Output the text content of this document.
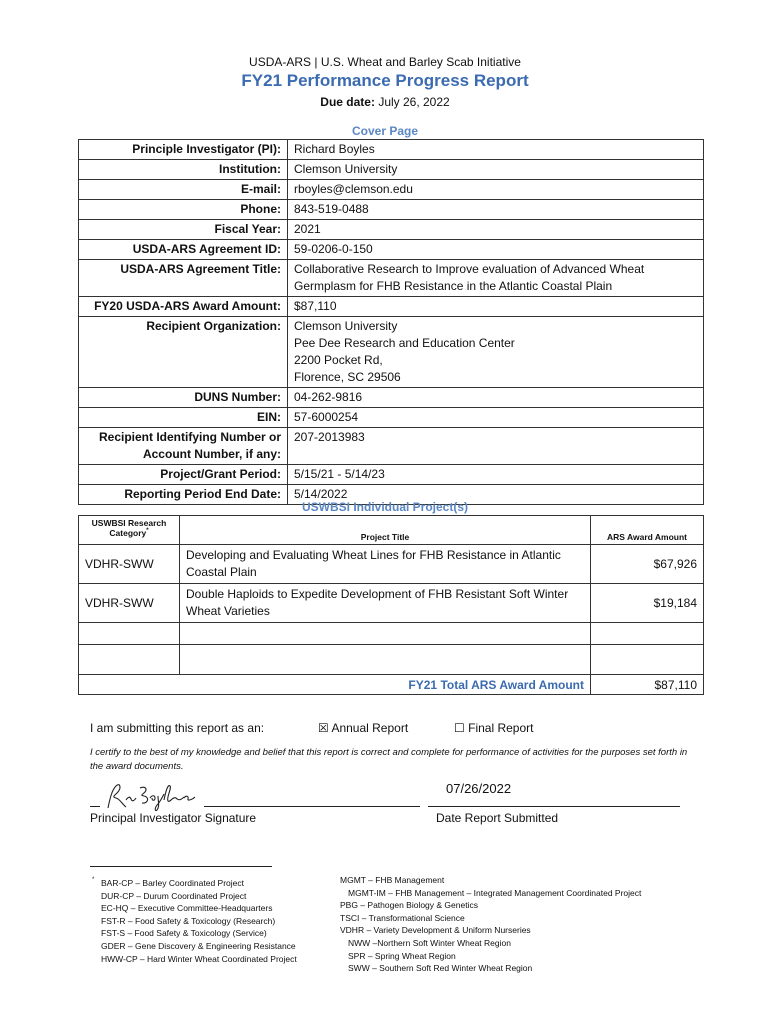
USDA-ARS | U.S. Wheat and Barley Scab Initiative
FY21 Performance Progress Report
Due date: July 26, 2022
Cover Page
Principle Investigator (PI):	Richard Boyles

Institution:	Clemson University

E-mail:	rboyles@clemson.edu

Phone:	843-519-0488

Fiscal Year:	2021

USDA-ARS Agreement ID:	59-0206-0-150

USDA-ARS Agreement Title:	Collaborative Research to Improve evaluation of Advanced Wheat
Germplasm for FHB Resistance in the Atlantic Coastal Plain

FY20 USDA-ARS Award Amount:	$87,110

Recipient Organization:	Clemson University
Pee Dee Research and Education Center
2200 Pocket Rd,
Florence, SC 29506

DUNS Number:	04-262-9816

EIN:	57-6000254

Recipient Identifying Number or Account Number, if any:	207-2013983

Project/Grant Period:	5/15/21 - 5/14/23

Reporting Period End Date:	5/14/2022
USWBSI Individual Project(s)
USWBSI Research Category*	Project Title	ARS Award Amount
VDHR-SWW	Developing and Evaluating Wheat Lines for FHB Resistance in Atlantic Coastal Plain	$67,926
VDHR-SWW	Double Haploids to Expedite Development of FHB Resistant Soft Winter Wheat Varieties	$19,184

FY21 Total ARS Award Amount		$87,110
I am submitting this report as an:	☒ Annual Report	☐ Final Report
I certify to the best of my knowledge and belief that this report is correct and complete for performance of activities for the purposes set forth in the award documents.
07/26/2022
Principal Investigator Signature	Date Report Submitted
* BAR-CP – Barley Coordinated Project
DUR-CP – Durum Coordinated Project
EC-HQ – Executive Committee-Headquarters
FST-R – Food Safety & Toxicology (Research)
FST-S – Food Safety & Toxicology (Service)
GDER – Gene Discovery & Engineering Resistance
HWW-CP – Hard Winter Wheat Coordinated Project
MGMT – FHB Management
MGMT-IM – FHB Management – Integrated Management Coordinated Project
PBG – Pathogen Biology & Genetics
TSCI – Transformational Science
VDHR – Variety Development & Uniform Nurseries
NWW –Northern Soft Winter Wheat Region
SPR – Spring Wheat Region
SWW – Southern Soft Red Winter Wheat Region
